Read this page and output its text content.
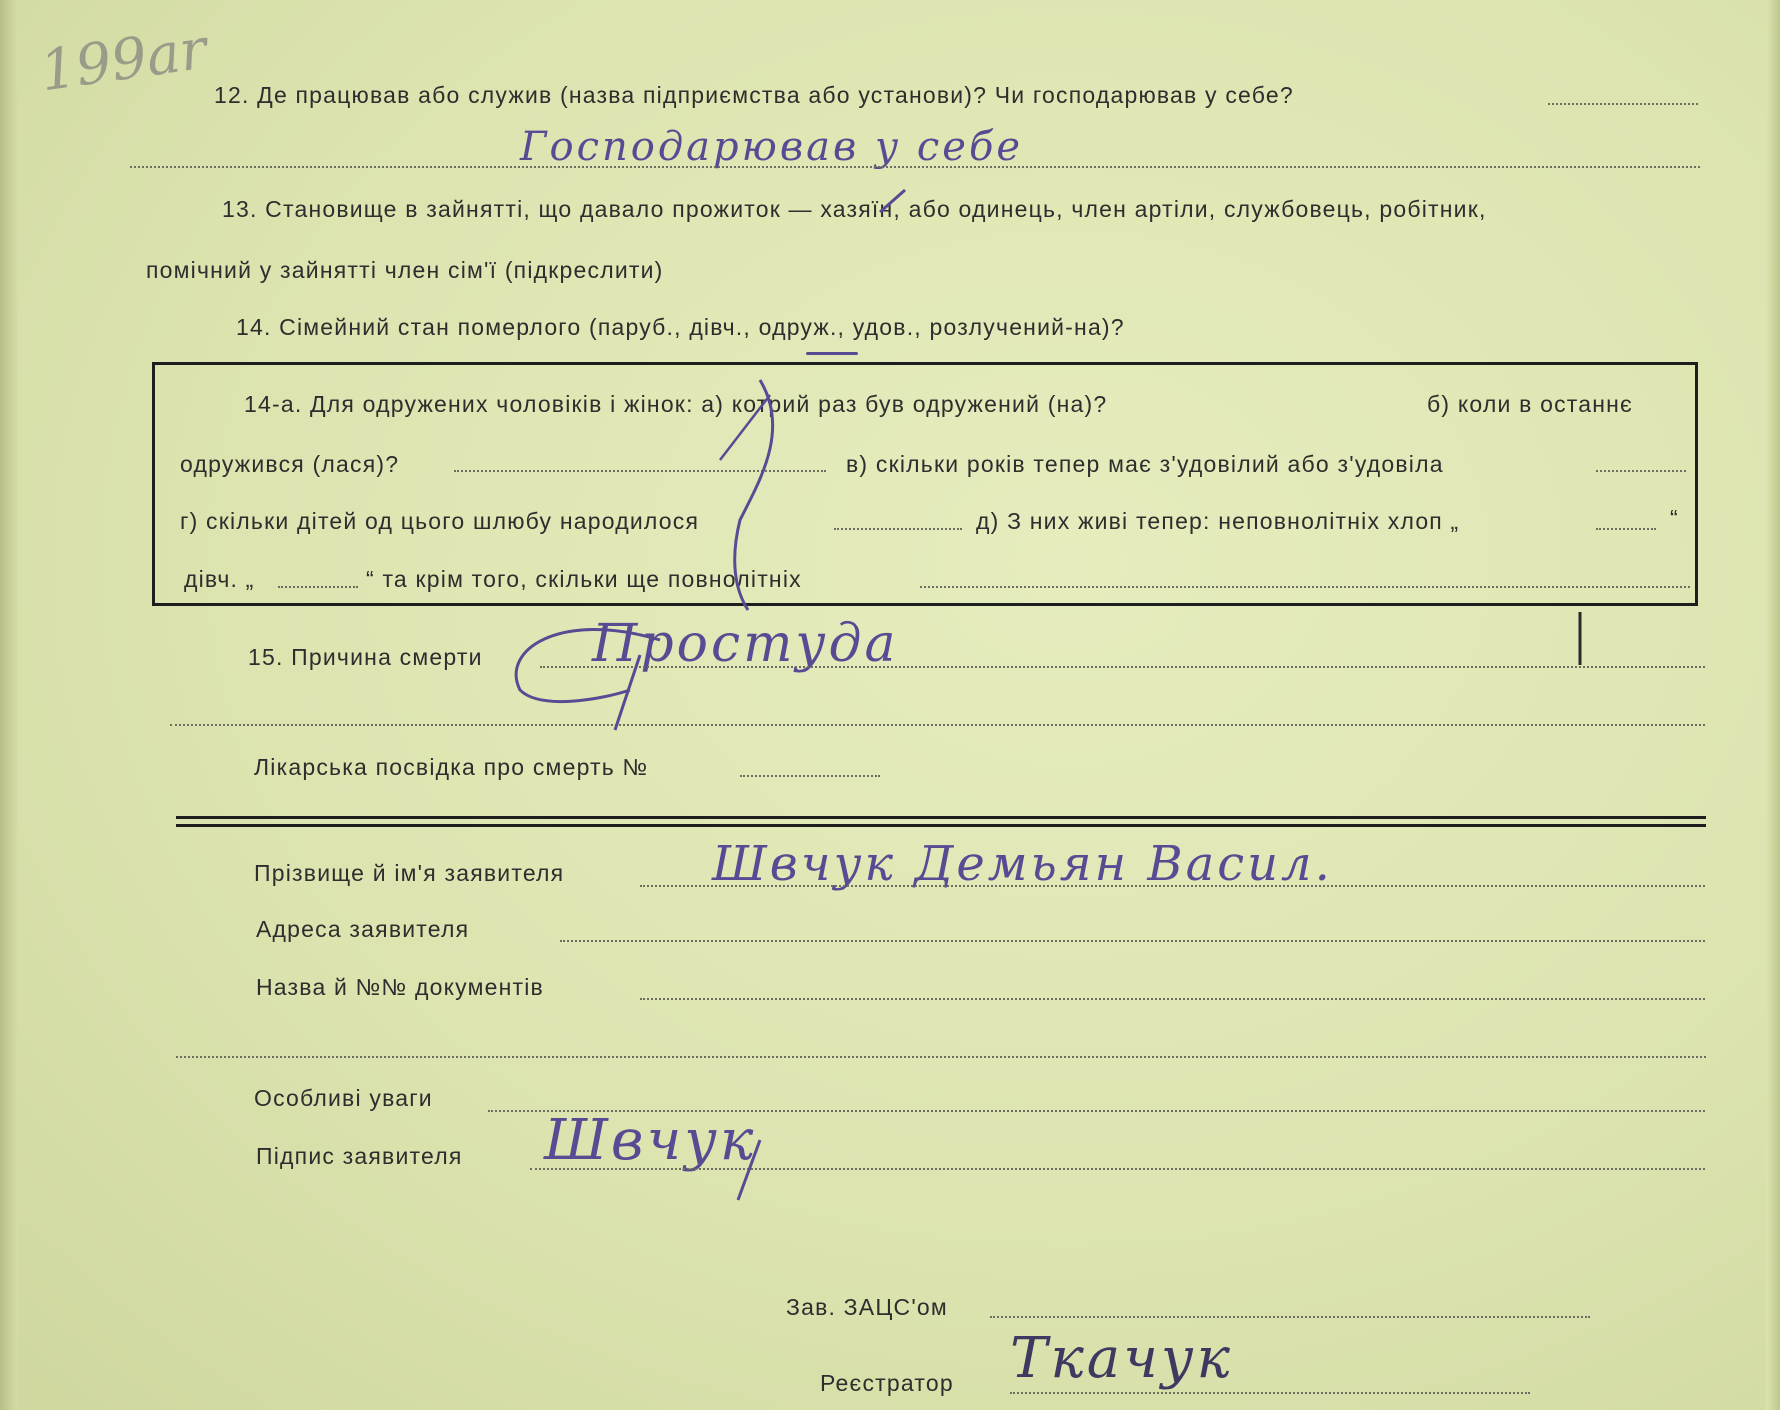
199ar 12. Де працював або служив (назва підприємства або установи)? Чи господарював у себе?
Господарював у себе
13. Становище в зайнятті, що давало прожиток — хазяїн, або одинець, член артіли, службовець, робітник,
помічний у зайнятті член сім'ї (підкреслити)
14. Сімейний стан померлого (паруб., дівч., одруж., удов., розлучений-на)?
14-а. Для одружених чоловіків і жінок: а) котрий раз був одружений (на)?	б) коли в останнє
одружився (лася)?	в) скільки років тепер має з'удовілий або з'удовіла
г) скільки дітей од цього шлюбу народилося	д) З них живі тепер: неповнолітніх хлоп „	“
дівч. „	“ та крім того, скільки ще повнолітніх
15. Причина смерти Простуда
Лікарська посвідка про смерть №
Прізвище й ім'я заявителя	Швчук Демьян Васил.
Адреса заявителя
Назва й №№ документів
Особливі уваги
Підпис заявителя Швчук
Зав. ЗАЦС'ом
Реєстратор Ткачук
